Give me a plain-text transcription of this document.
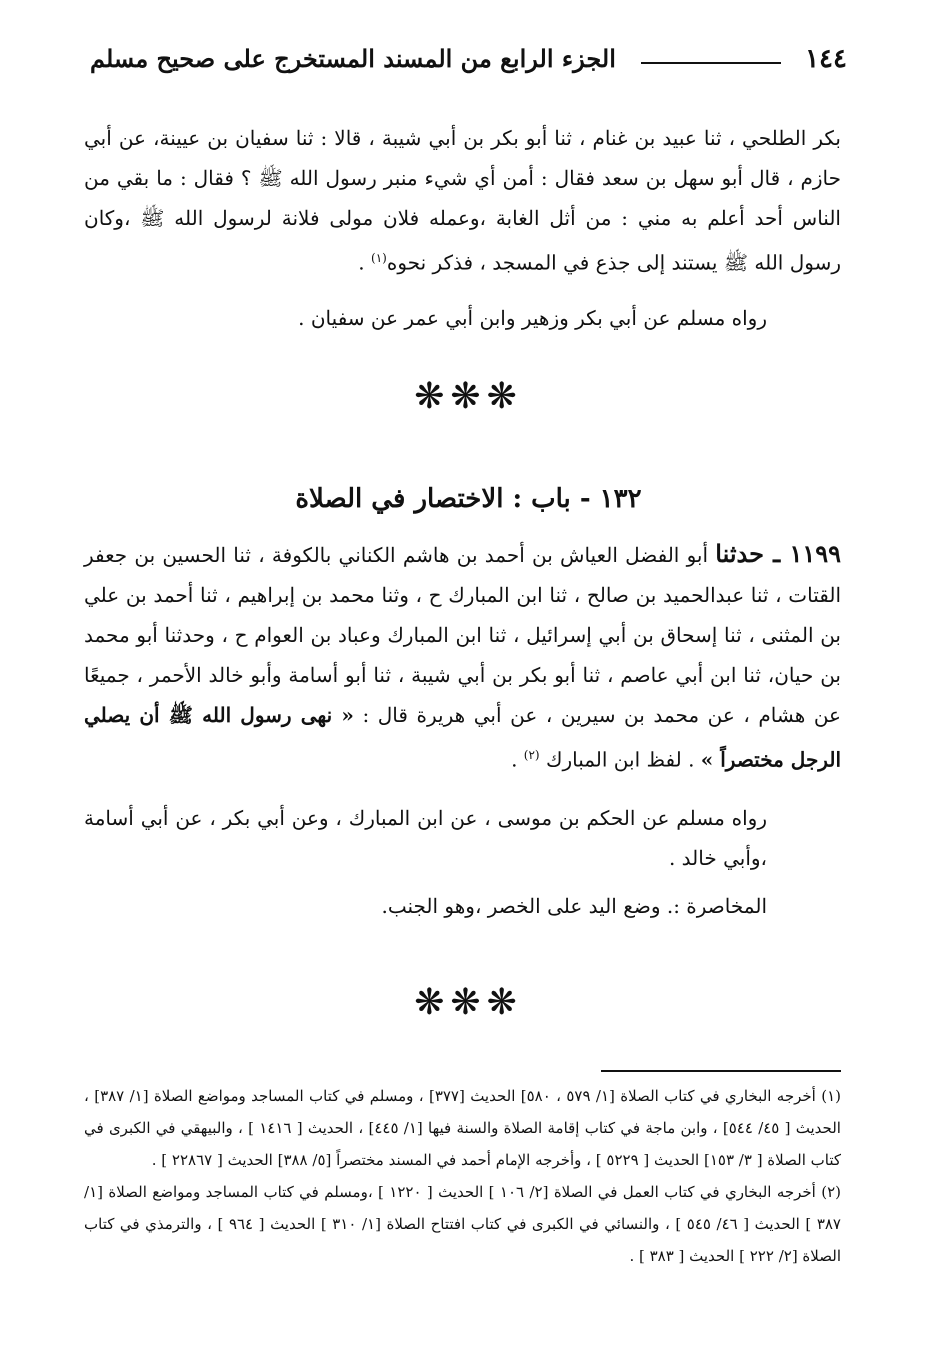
١٤٤
الجزء الرابع من المسند المستخرج على صحيح مسلم
بكر الطلحي ، ثنا عبيد بن غنام ، ثنا أبو بكر بن أبي شيبة ، قالا : ثنا سفيان بن عيينة، عن أبي حازم ، قال أبو سهل بن سعد فقال : أمن أي شيء منبر رسول الله ﷺ ؟ فقال : ما بقي من الناس أحد أعلم به مني : من أثل الغابة ،وعمله فلان مولى فلانة لرسول الله ﷺ ،وكان رسول الله ﷺ يستند إلى جذع في المسجد ، فذكر نحوه$^{(١)}$ .
رواه مسلم عن أبي بكر وزهير وابن أبي عمر عن سفيان .
❋❋❋
١٣٢ - باب : الاختصار في الصلاة
١١٩٩ ـ حدثنا أبو الفضل العياش بن أحمد بن هاشم الكناني بالكوفة ، ثنا الحسين بن جعفر القتات ، ثنا عبدالحميد بن صالح ، ثنا ابن المبارك ح ، وثنا محمد بن إبراهيم ، ثنا أحمد بن علي بن المثنى ، ثنا إسحاق بن أبي إسرائيل ، ثنا ابن المبارك وعباد بن العوام ح ، وحدثنا أبو محمد بن حيان، ثنا ابن أبي عاصم ، ثنا أبو بكر بن أبي شيبة ، ثنا أبو أسامة وأبو خالد الأحمر ، جميعًا عن هشام ، عن محمد بن سيرين ، عن أبي هريرة قال : « نهى رسول الله ﷺ أن يصلي الرجل مختصراً » . لفظ ابن المبارك $^{(٢)}$ .
رواه مسلم عن الحكم بن موسى ، عن ابن المبارك ، وعن أبي بكر ، عن أبي أسامة ،وأبي خالد .
المخاصرة :. وضع اليد على الخصر ،وهو الجنب.
❋❋❋

(١) أخرجه البخاري في كتاب الصلاة [١/ ٥٧٩ ، ٥٨٠] الحديث [٣٧٧] ، ومسلم في كتاب المساجد ومواضع الصلاة [١/ ٣٨٧] ، الحديث [ ٤٥/ ٥٤٤] ، وابن ماجة في كتاب إقامة الصلاة والسنة فيها [١/ ٤٤٥] ، الحديث [ ١٤١٦ ] ، والبيهقي في الكبرى في كتاب الصلاة [ ٣/ ١٥٣] الحديث [ ٥٢٢٩ ] ، وأخرجه الإمام أحمد في المسند مختصراً [٥/ ٣٨٨] الحديث [ ٢٢٨٦٧ ] .

(٢) أخرجه البخاري في كتاب العمل في الصلاة [٢/ ١٠٦ ] الحديث [ ١٢٢٠ ] ،ومسلم في كتاب المساجد ومواضع الصلاة [١/ ٣٨٧ ] الحديث [ ٤٦/ ٥٤٥ ] ، والنسائي في الكبرى في كتاب افتتاح الصلاة [١/ ٣١٠ ] الحديث [ ٩٦٤ ] ، والترمذي في كتاب الصلاة [٢/ ٢٢٢ ] الحديث [ ٣٨٣ ] .
